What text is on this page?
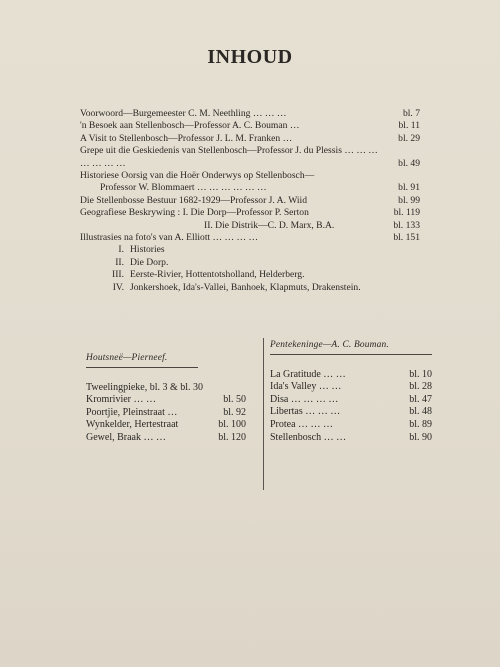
INHOUD
Voorwoord—Burgemeester C. M. Neethling … … …	bl. 7
'n Besoek aan Stellenbosch—Professor A. C. Bouman …	bl. 11
A Visit to Stellenbosch—Professor J. L. M. Franken …	bl. 29
Grepe uit die Geskiedenis van Stellenbosch—Professor J. du Plessis … … … … … … …	bl. 49
Historiese Oorsig van die Hoër Onderwys op Stellenbosch—
Professor W. Blommaert … … … … … …	bl. 91
Die Stellenbosse Bestuur 1682-1929—Professor J. A. Wiid	bl. 99
Geografiese Beskrywing : I. Die Dorp—Professor P. Serton	bl. 119
II. Die Distrik—C. D. Marx, B.A.	bl. 133
Illustrasies na foto's van A. Elliott … … … …	bl. 151
I. Histories
II. Die Dorp.
III. Eerste-Rivier, Hottentotsholland, Helderberg.
IV. Jonkershoek, Ida's-Vallei, Banhoek, Klapmuts, Drakenstein.
Houtsneë—Pierneef.
Tweelingpieke, bl. 3 & bl. 30
Kromrivier … …	bl. 50
Poortjie, Pleinstraat …	bl. 92
Wynkelder, Hertestraat	bl. 100
Gewel, Braak … …	bl. 120
Pentekeninge—A. C. Bouman.
La Gratitude … …	bl. 10
Ida's Valley … …	bl. 28
Disa … … … …	bl. 47
Libertas … … …	bl. 48
Protea … … …	bl. 89
Stellenbosch … …	bl. 90
